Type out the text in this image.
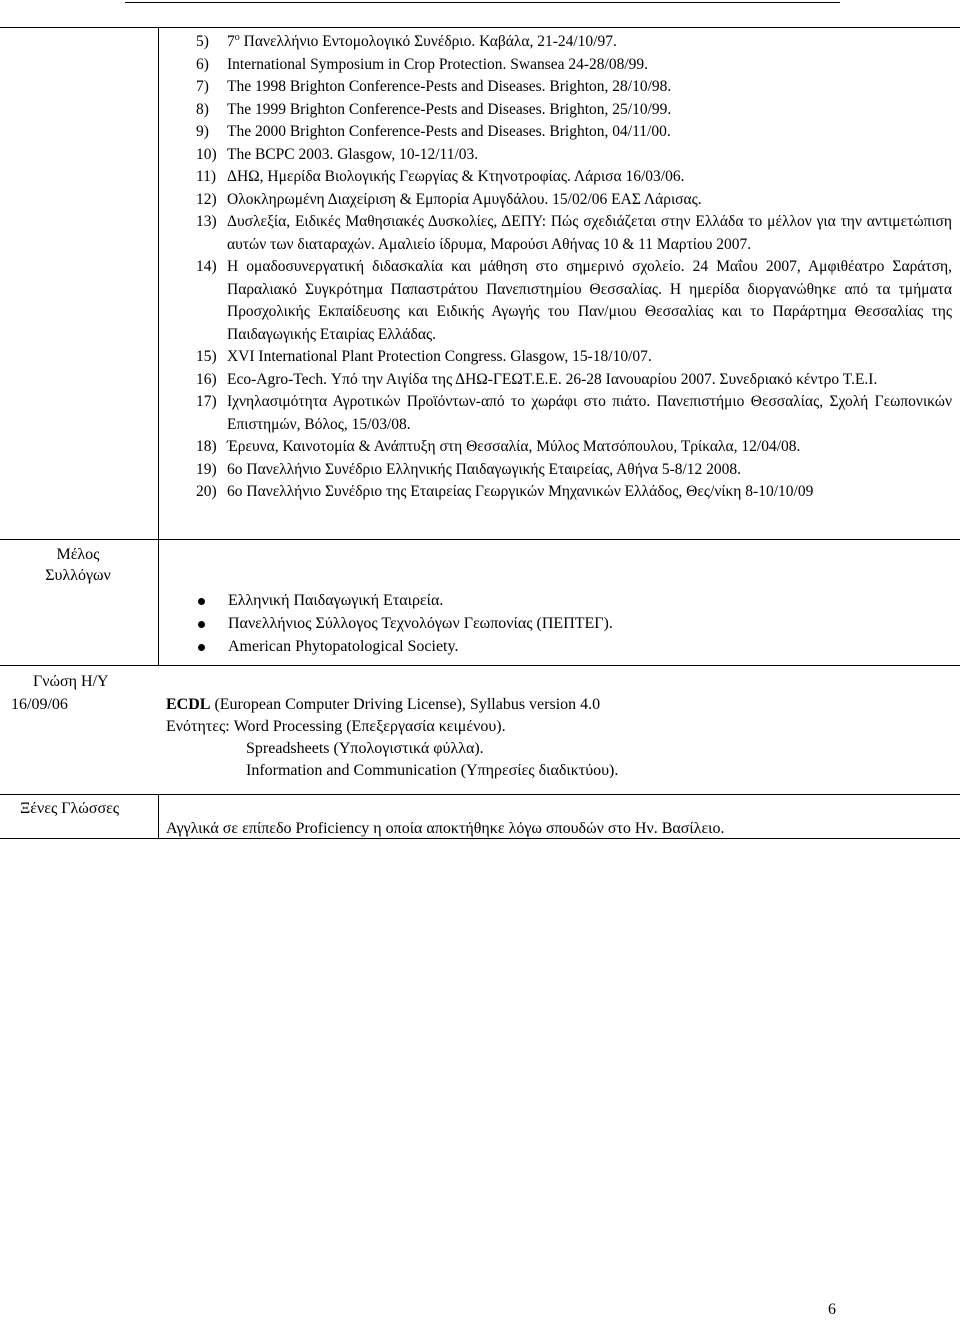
5)	$7^o$ Πανελλήνιο Εντομολογικό Συνέδριο. Καβάλα, 21-24/10/97.
6)	International Symposium in Crop Protection. Swansea 24-28/08/99.
7)	The 1998 Brighton Conference-Pests and Diseases. Brighton, 28/10/98.
8)	The 1999 Brighton Conference-Pests and Diseases. Brighton, 25/10/99.
9)	The 2000 Brighton Conference-Pests and Diseases. Brighton, 04/11/00.
10) The BCPC 2003. Glasgow, 10-12/11/03.
11) ΔΗΩ, Ημερίδα Βιολογικής Γεωργίας & Κτηνοτροφίας. Λάρισα 16/03/06.
12) Ολοκληρωμένη Διαχείριση & Εμπορία Αμυγδάλου. 15/02/06 ΕΑΣ Λάρισας.
13) Δυσλεξία, Ειδικές Μαθησιακές Δυσκολίες, ΔΕΠΥ: Πώς σχεδιάζεται στην Ελλάδα το μέλλον για την αντιμετώπιση αυτών των διαταραχών. Αμαλιείο ίδρυμα, Μαρούσι Αθήνας 10 & 11 Μαρτίου 2007.
14) Η ομαδοσυνεργατική διδασκαλία και μάθηση στο σημερινό σχολείο. 24 Μαΐου 2007, Αμφιθέατρο Σαράτση, Παραλιακό Συγκρότημα Παπαστράτου Πανεπιστημίου Θεσσαλίας. Η ημερίδα διοργανώθηκε από τα τμήματα Προσχολικής Εκπαίδευσης και Ειδικής Αγωγής του Παν/μιου Θεσσαλίας και το Παράρτημα Θεσσαλίας της Παιδαγωγικής Εταιρίας Ελλάδας.
15) XVI International Plant Protection Congress. Glasgow, 15-18/10/07.
16) Eco-Agro-Tech. Υπό την Αιγίδα της ΔΗΩ-ΓΕΩΤ.Ε.Ε. 26-28 Ιανουαρίου 2007. Συνεδριακό κέντρο Τ.Ε.Ι.
17) Ιχνηλασιμότητα Αγροτικών Προϊόντων-από το χωράφι στο πιάτο. Πανεπιστήμιο Θεσσαλίας, Σχολή Γεωπονικών Επιστημών, Βόλος, 15/03/08.
18) Έρευνα, Καινοτομία & Ανάπτυξη στη Θεσσαλία, Μύλος Ματσόπουλου, Τρίκαλα, 12/04/08.
19) 6ο Πανελλήνιο Συνέδριο Ελληνικής Παιδαγωγικής Εταιρείας, Αθήνα 5-8/12 2008.
20) 6ο Πανελλήνιο Συνέδριο της Εταιρείας Γεωργικών Μηχανικών Ελλάδος, Θες/νίκη 8-10/10/09
Μέλος
Συλλόγων
Ελληνική Παιδαγωγική Εταιρεία.
Πανελλήνιος Σύλλογος Τεχνολόγων Γεωπονίας (ΠΕΠΤΕΓ).
American Phytopatological Society.
Γνώση Η/Υ
16/09/06	ECDL (European Computer Driving License), Syllabus version 4.0
Ενότητες: Word Processing (Επεξεργασία κειμένου).
Spreadsheets (Υπολογιστικά φύλλα).
Information and Communication (Υπηρεσίες διαδικτύου).
Ξένες Γλώσσες
Αγγλικά σε επίπεδο Proficiency η οποία αποκτήθηκε λόγω σπουδών στο Ην. Βασίλειο.
6
